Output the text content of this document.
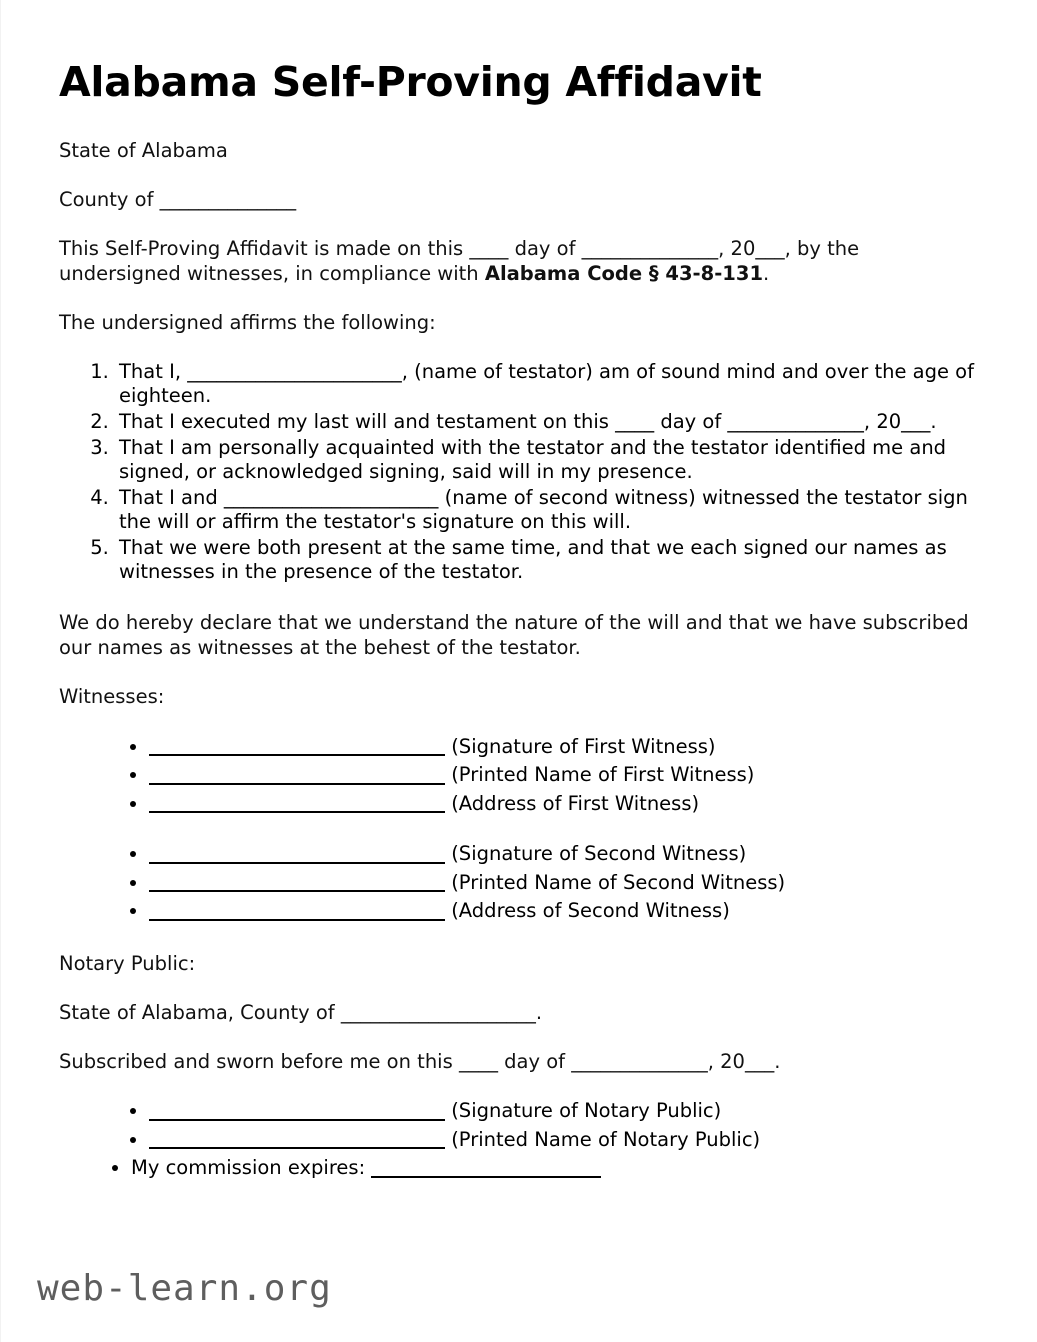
Alabama Self-Proving Affidavit

State of Alabama

County of ______________

This Self-Proving Affidavit is made on this ____ day of ______________, 20___, by the undersigned witnesses, in compliance with Alabama Code § 43-8-131.

The undersigned affirms the following:

1. That I, ______________________, (name of testator) am of sound mind and over the age of eighteen.
2. That I executed my last will and testament on this ____ day of ______________, 20___.
3. That I am personally acquainted with the testator and the testator identified me and signed, or acknowledged signing, said will in my presence.
4. That I and ______________________ (name of second witness) witnessed the testator sign the will or affirm the testator's signature on this will.
5. That we were both present at the same time, and that we each signed our names as witnesses in the presence of the testator.

We do hereby declare that we understand the nature of the will and that we have subscribed our names as witnesses at the behest of the testator.

Witnesses:

• (Signature of First Witness)
• (Printed Name of First Witness)
• (Address of First Witness)
• (Signature of Second Witness)
• (Printed Name of Second Witness)
• (Address of Second Witness)

Notary Public:

State of Alabama, County of ____________________.

Subscribed and sworn before me on this ____ day of ______________, 20___.

• (Signature of Notary Public)
• (Printed Name of Notary Public)
• My commission expires:
web-learn.org
